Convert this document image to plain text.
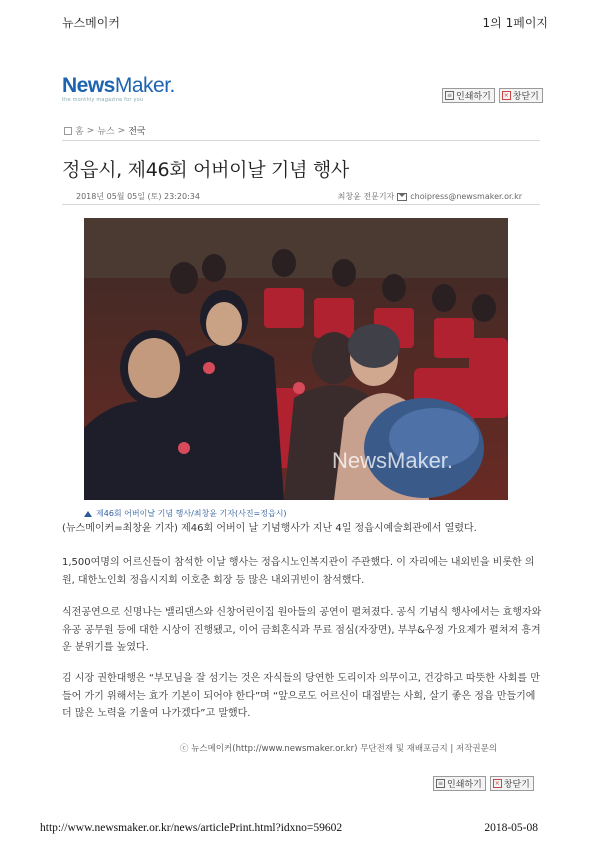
뉴스메이커	1의 1페이지
NewsMaker.
the monthly magazine for you
≡ 인쇄하기	× 창닫기
홈 > 뉴스 > 전국
정읍시, 제46회 어버이날 기념 행사
2018년 05월 05일 (토) 23:20:34	최창윤 전문기자 choipress@newsmaker.or.kr
NewsMaker.
제46회 어버이날 기념 행사/최창윤 기자(사진=정읍시)

(뉴스메이커=최창윤 기자) 제46회 어버이 날 기념행사가 지난 4일 정읍시예술회관에서 열렸다.

1,500여명의 어르신들이 참석한 이날 행사는 정읍시노인복지관이 주관했다. 이 자리에는 내외빈을 비롯한 의원, 대한노인회 정읍시지회 이호춘 회장 등 많은 내외귀빈이 참석했다.

식전공연으로 신명나는 밸리댄스와 신창어린이집 원아들의 공연이 펼쳐졌다. 공식 기념식 행사에서는 효행자와 유공 공무원 등에 대한 시상이 진행됐고, 이어 금회혼식과 무료 점심(자장면), 부부&우정 가요제가 펼쳐져 흥겨운 분위기를 높였다.

김 시장 권한대행은 “부모님을 잘 섬기는 것은 자식들의 당연한 도리이자 의무이고, 건강하고 따뜻한 사회를 만들어 가기 위해서는 효가 기본이 되어야 한다”며 “앞으로도 어르신이 대접받는 사회, 살기 좋은 정읍 만들기에 더 많은 노력을 기울여 나가겠다”고 말했다.

ⓒ 뉴스메이커(http://www.newsmaker.or.kr) 무단전재 및 재배포금지 | 저작권문의
≡ 인쇄하기	× 창닫기
http://www.newsmaker.or.kr/news/articlePrint.html?idxno=59602	2018-05-08
